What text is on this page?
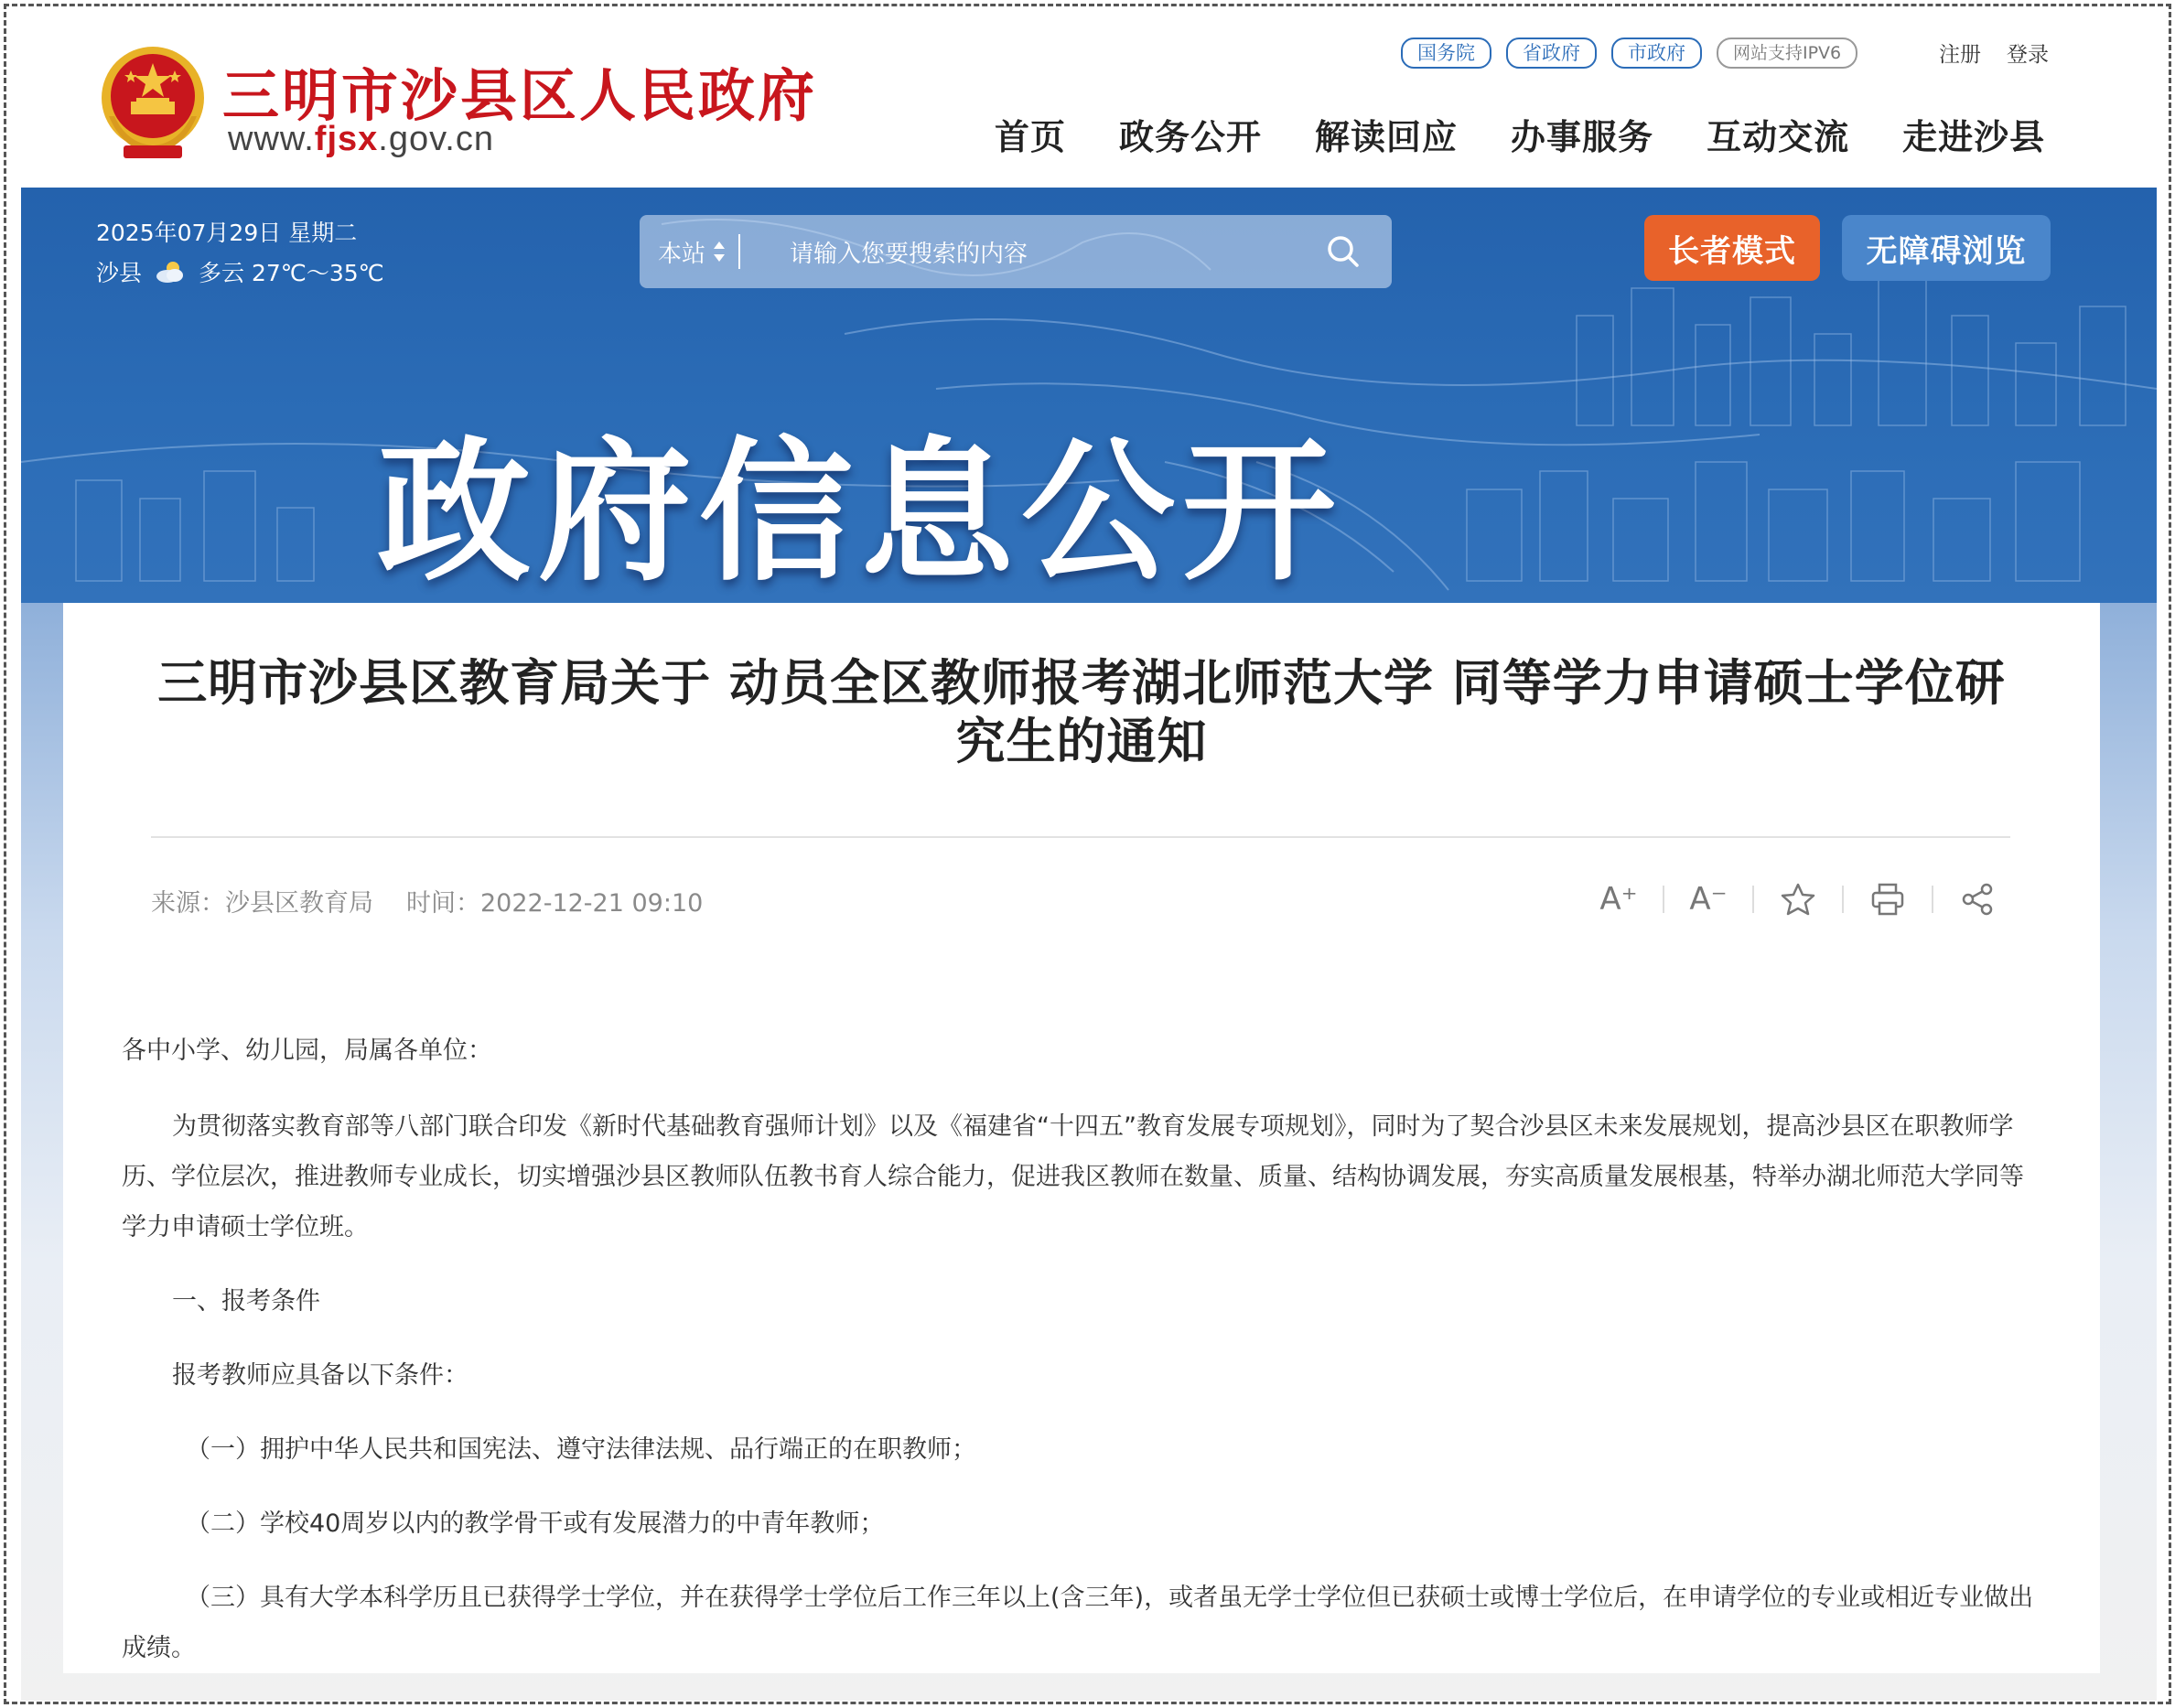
三明市沙县区人民政府
www.fjsx.gov.cn
国务院	省政府	市政府	网站支持IPV6	注册 登录
首页 政务公开 解读回应 办事服务 互动交流 走进沙县
2025年07月29日 星期二
沙县 多云 27℃～35℃
本站	请输入您要搜索的内容	长者模式	无障碍浏览
政府信息公开
三明市沙县区教育局关于 动员全区教师报考湖北师范大学 同等学力申请硕士学位研究生的通知
来源：沙县区教育局 时间：2022-12-21 09:10	A⁺ A⁻

各中小学、幼儿园，局属各单位：

为贯彻落实教育部等八部门联合印发《新时代基础教育强师计划》以及《福建省“十四五”教育发展专项规划》，同时为了契合沙县区未来发展规划，提高沙县区在职教师学历、学位层次，推进教师专业成长，切实增强沙县区教师队伍教书育人综合能力，促进我区教师在数量、质量、结构协调发展，夯实高质量发展根基，特举办湖北师范大学同等学力申请硕士学位班。

一、报考条件

报考教师应具备以下条件：

（一）拥护中华人民共和国宪法、遵守法律法规、品行端正的在职教师；

（二）学校40周岁以内的教学骨干或有发展潜力的中青年教师；

（三）具有大学本科学历且已获得学士学位，并在获得学士学位后工作三年以上(含三年)，或者虽无学士学位但已获硕士或博士学位后，在申请学位的专业或相近专业做出成绩。
